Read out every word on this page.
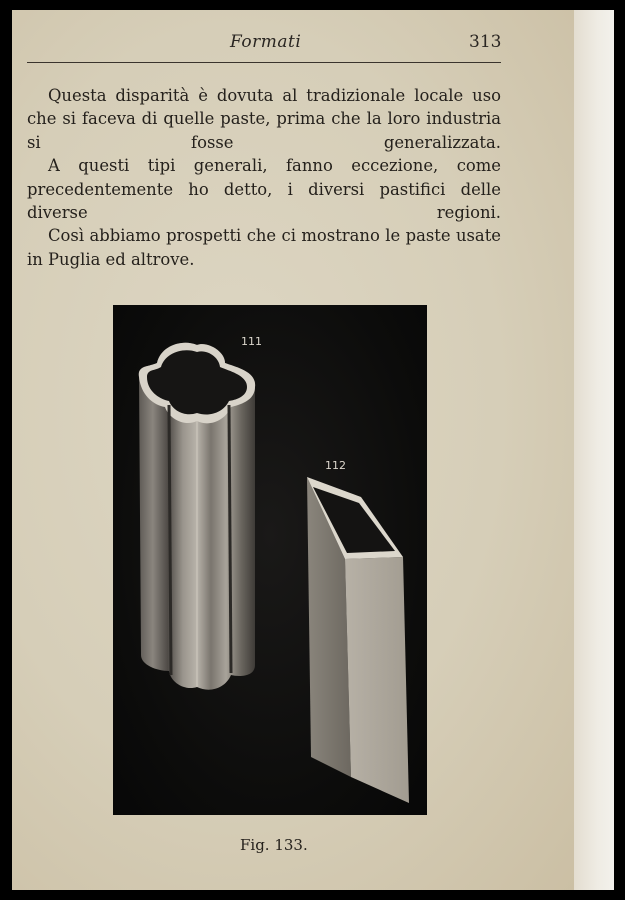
Formati	313

Questa disparità è dovuta al tradizionale locale uso che si faceva di quelle paste, prima che la loro industria si fosse generalizzata.

A questi tipi generali, fanno eccezione, come precedentemente ho detto, i diversi pastifici delle diverse regioni.

Così abbiamo prospetti che ci mostrano le paste usate in Puglia ed altrove.

111
112
Fig. 133.
